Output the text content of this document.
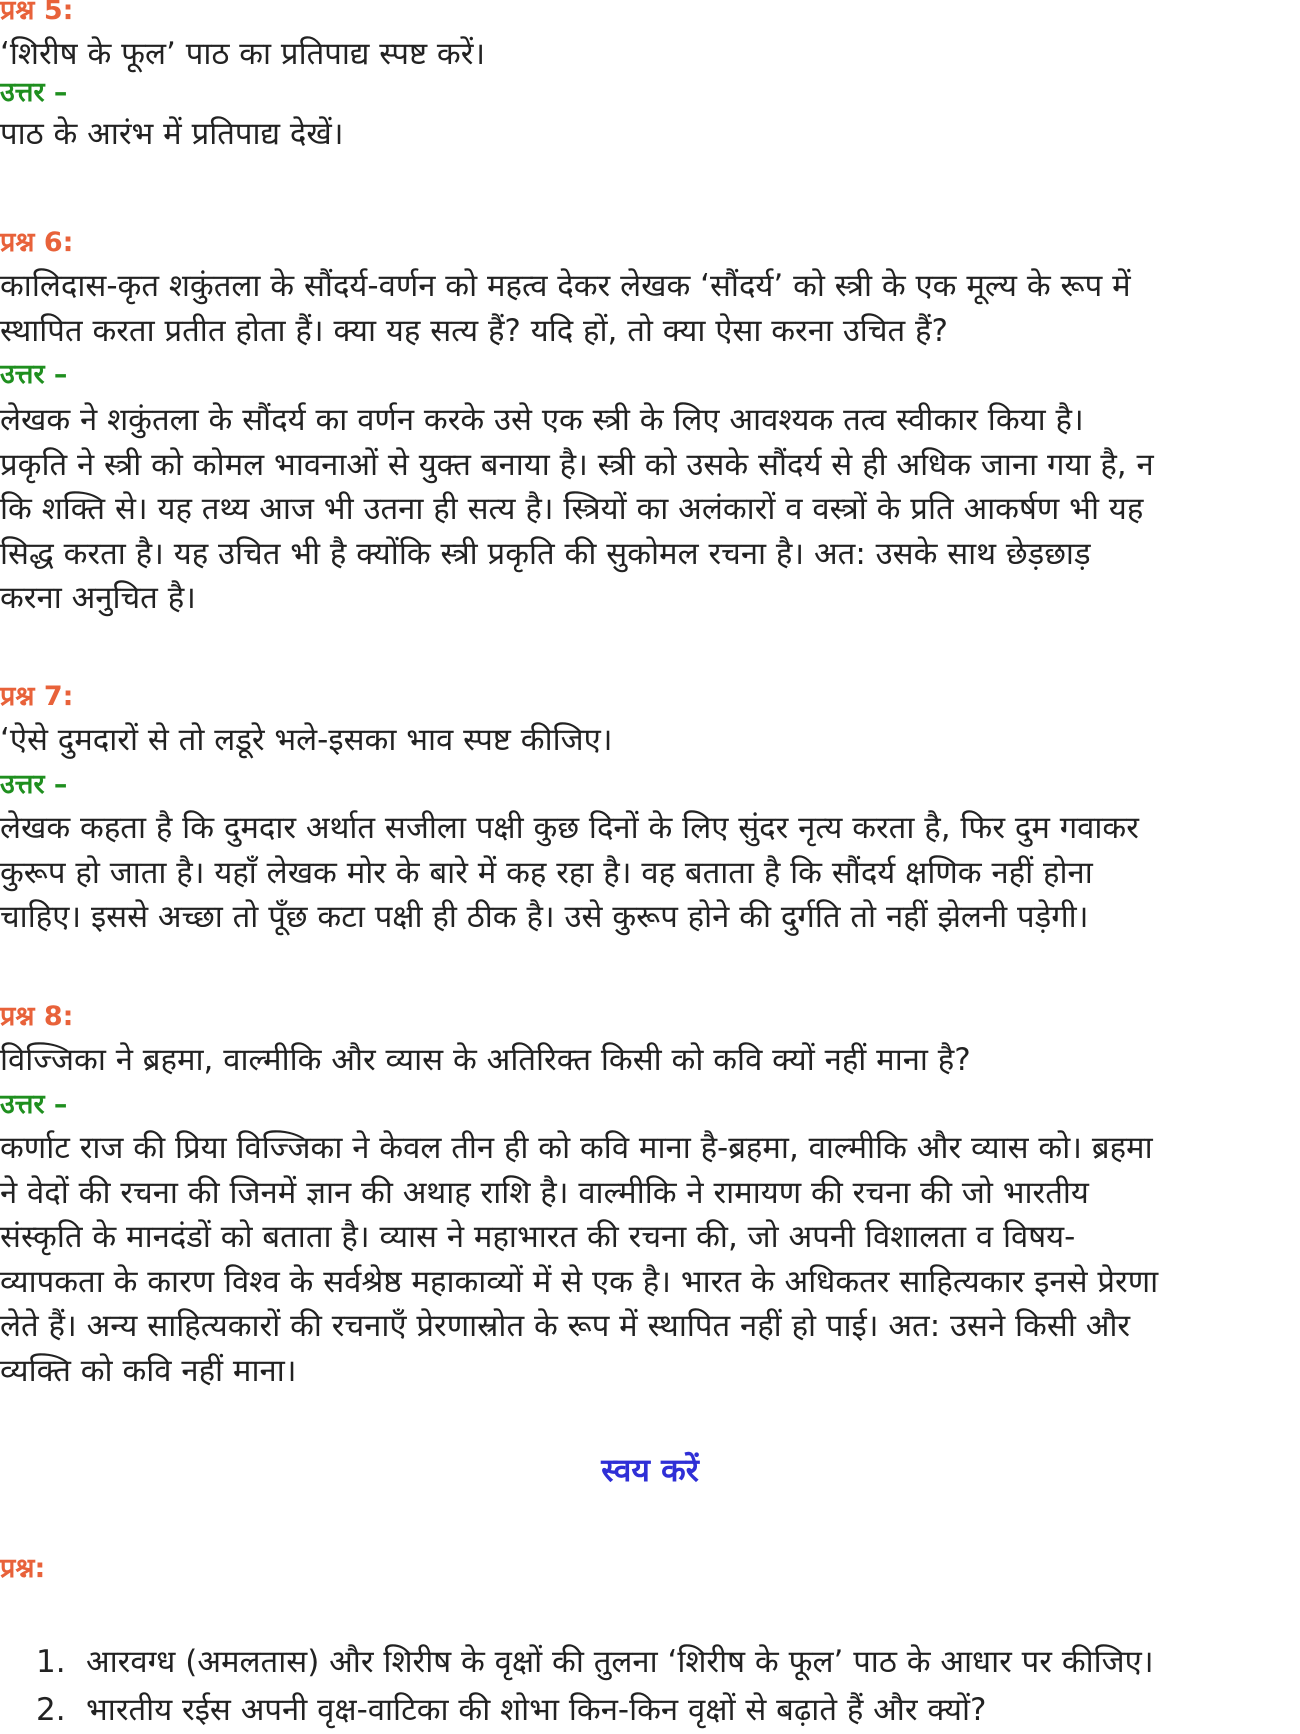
प्रश्न 5:

‘शिरीष के फूल’ पाठ का प्रतिपाद्य स्पष्ट करें।

उत्तर –

पाठ के आरंभ में प्रतिपाद्य देखें।

प्रश्न 6:

कालिदास-कृत शकुंतला के सौंदर्य-वर्णन को महत्व देकर लेखक ‘सौंदर्य’ को स्त्री के एक मूल्य के रूप में
स्थापित करता प्रतीत होता हैं। क्या यह सत्य हैं? यदि हों, तो क्या ऐसा करना उचित हैं?

उत्तर –

लेखक ने शकुंतला के सौंदर्य का वर्णन करके उसे एक स्त्री के लिए आवश्यक तत्व स्वीकार किया है।
प्रकृति ने स्त्री को कोमल भावनाओं से युक्त बनाया है। स्त्री को उसके सौंदर्य से ही अधिक जाना गया है, न
कि शक्ति से। यह तथ्य आज भी उतना ही सत्य है। स्त्रियों का अलंकारों व वस्त्रों के प्रति आकर्षण भी यह
सिद्ध करता है। यह उचित भी है क्योंकि स्त्री प्रकृति की सुकोमल रचना है। अत: उसके साथ छेड़छाड़
करना अनुचित है।

प्रश्न 7:

‘ऐसे दुमदारों से तो लडूरे भले-इसका भाव स्पष्ट कीजिए।

उत्तर –

लेखक कहता है कि दुमदार अर्थात सजीला पक्षी कुछ दिनों के लिए सुंदर नृत्य करता है, फिर दुम गवाकर
कुरूप हो जाता है। यहाँ लेखक मोर के बारे में कह रहा है। वह बताता है कि सौंदर्य क्षणिक नहीं होना
चाहिए। इससे अच्छा तो पूँछ कटा पक्षी ही ठीक है। उसे कुरूप होने की दुर्गति तो नहीं झेलनी पड़ेगी।

प्रश्न 8:

विज्जिका ने ब्रहमा, वाल्मीकि और व्यास के अतिरिक्त किसी को कवि क्यों नहीं माना है?

उत्तर –

कर्णाट राज की प्रिया विज्जिका ने केवल तीन ही को कवि माना है-ब्रहमा, वाल्मीकि और व्यास को। ब्रहमा
ने वेदों की रचना की जिनमें ज्ञान की अथाह राशि है। वाल्मीकि ने रामायण की रचना की जो भारतीय
संस्कृति के मानदंडों को बताता है। व्यास ने महाभारत की रचना की, जो अपनी विशालता व विषय-
व्यापकता के कारण विश्व के सर्वश्रेष्ठ महाकाव्यों में से एक है। भारत के अधिकतर साहित्यकार इनसे प्रेरणा
लेते हैं। अन्य साहित्यकारों की रचनाएँ प्रेरणास्रोत के रूप में स्थापित नहीं हो पाई। अत: उसने किसी और
व्यक्ति को कवि नहीं माना।

स्वय करें
प्रश्न:
1. आरवग्ध (अमलतास) और शिरीष के वृक्षों की तुलना ‘शिरीष के फूल’ पाठ के आधार पर कीजिए।
2. भारतीय रईस अपनी वृक्ष-वाटिका की शोभा किन-किन वृक्षों से बढ़ाते हैं और क्यों?
